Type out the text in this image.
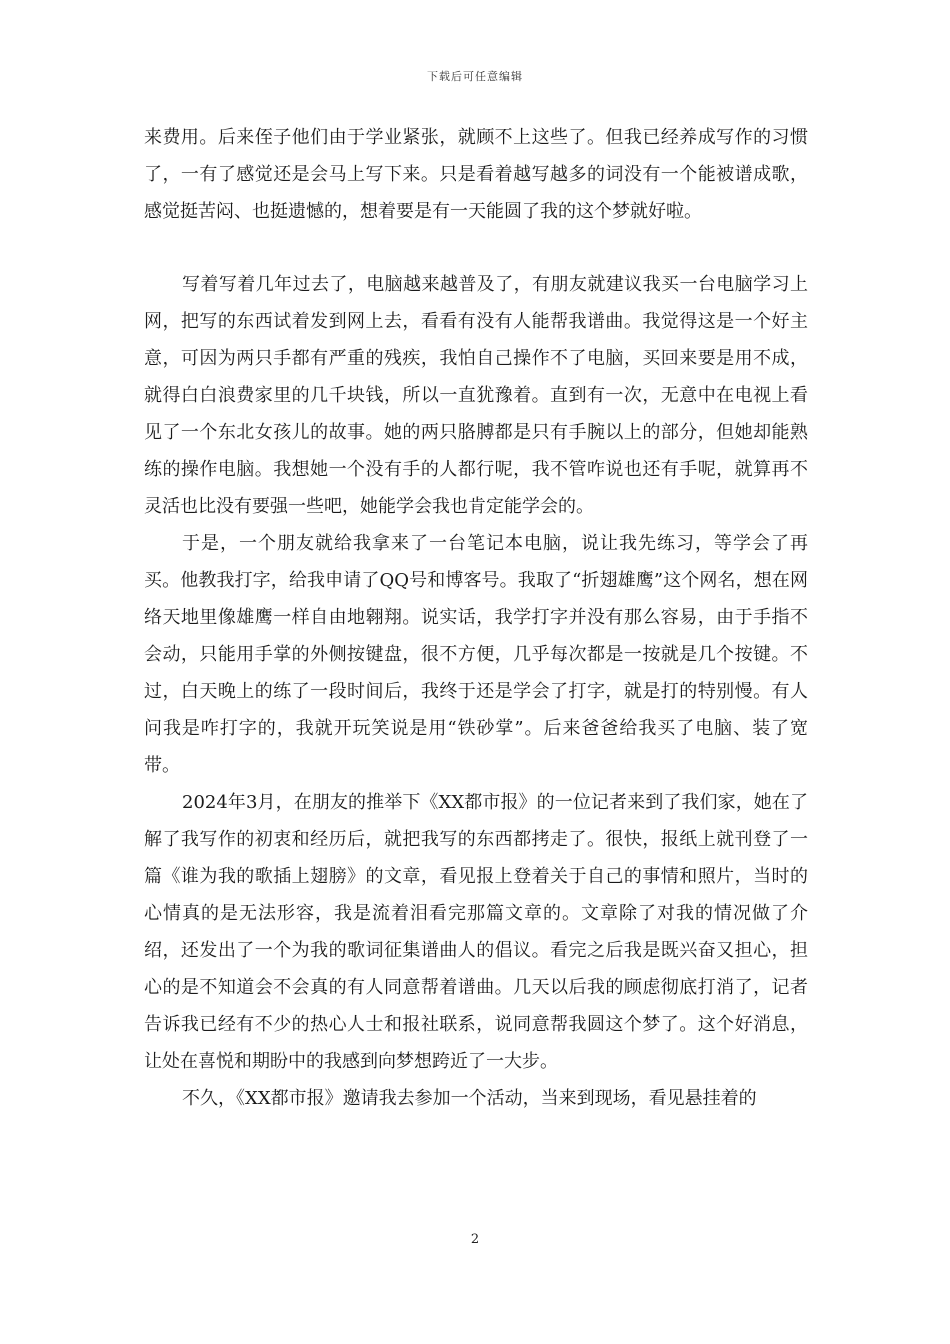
下载后可任意编辑

来费用。后来侄子他们由于学业紧张，就顾不上这些了。但我已经养成写作的习惯了，一有了感觉还是会马上写下来。只是看着越写越多的词没有一个能被谱成歌，感觉挺苦闷、也挺遗憾的，想着要是有一天能圆了我的这个梦就好啦。

写着写着几年过去了，电脑越来越普及了，有朋友就建议我买一台电脑学习上网，把写的东西试着发到网上去，看看有没有人能帮我谱曲。我觉得这是一个好主意，可因为两只手都有严重的残疾，我怕自己操作不了电脑，买回来要是用不成，就得白白浪费家里的几千块钱，所以一直犹豫着。直到有一次，无意中在电视上看见了一个东北女孩儿的故事。她的两只胳膊都是只有手腕以上的部分，但她却能熟练的操作电脑。我想她一个没有手的人都行呢，我不管咋说也还有手呢，就算再不灵活也比没有要强一些吧，她能学会我也肯定能学会的。

于是，一个朋友就给我拿来了一台笔记本电脑，说让我先练习，等学会了再买。他教我打字，给我申请了QQ号和博客号。我取了“折翅雄鹰”这个网名，想在网络天地里像雄鹰一样自由地翱翔。说实话，我学打字并没有那么容易，由于手指不会动，只能用手掌的外侧按键盘，很不方便，几乎每次都是一按就是几个按键。不过，白天晚上的练了一段时间后，我终于还是学会了打字，就是打的特别慢。有人问我是咋打字的，我就开玩笑说是用“铁砂掌”。后来爸爸给我买了电脑、装了宽带。

2024年3月，在朋友的推举下《XX都市报》的一位记者来到了我们家，她在了解了我写作的初衷和经历后，就把我写的东西都拷走了。很快，报纸上就刊登了一篇《谁为我的歌插上翅膀》的文章，看见报上登着关于自己的事情和照片，当时的心情真的是无法形容，我是流着泪看完那篇文章的。文章除了对我的情况做了介绍，还发出了一个为我的歌词征集谱曲人的倡议。看完之后我是既兴奋又担心，担心的是不知道会不会真的有人同意帮着谱曲。几天以后我的顾虑彻底打消了，记者告诉我已经有不少的热心人士和报社联系，说同意帮我圆这个梦了。这个好消息，让处在喜悦和期盼中的我感到向梦想跨近了一大步。

不久，《XX都市报》邀请我去参加一个活动，当来到现场，看见悬挂着的

2
